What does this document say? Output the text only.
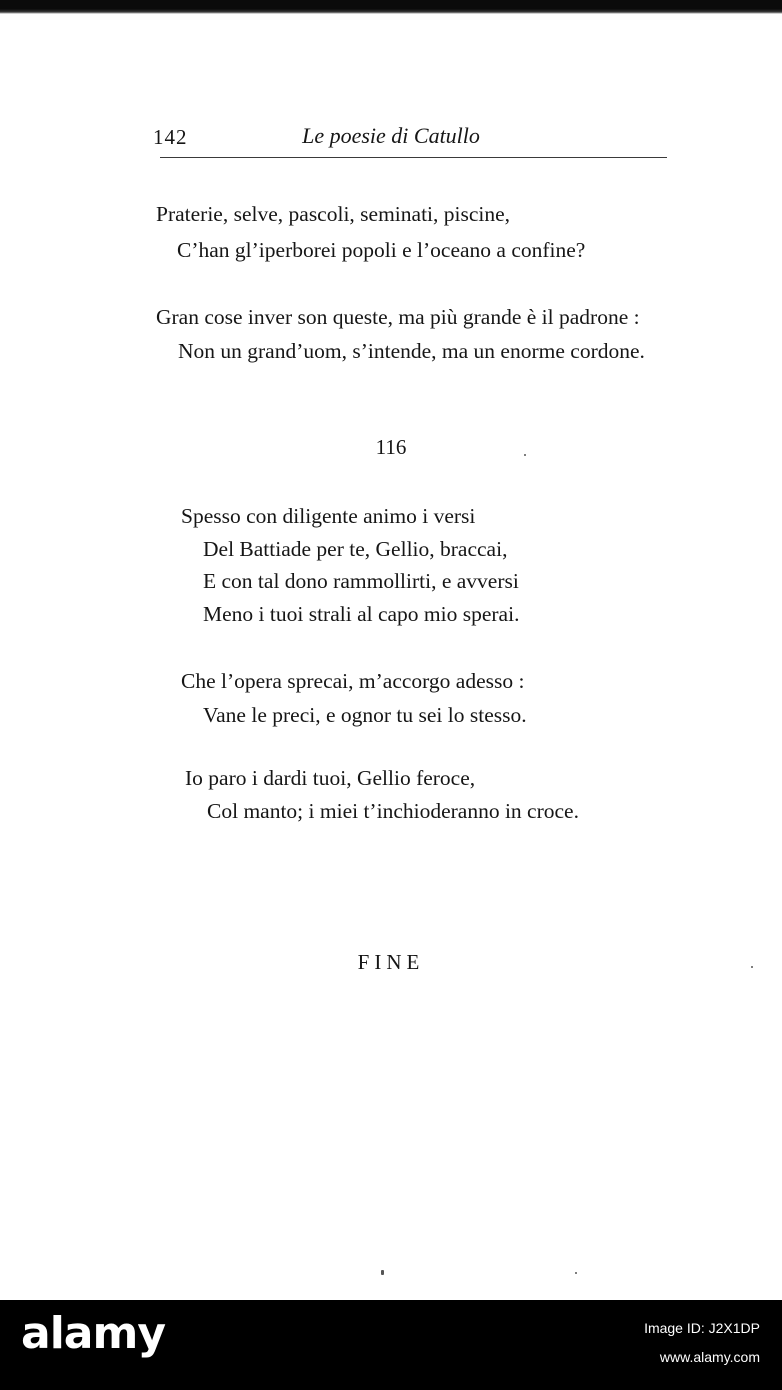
142	Le poesie di Catullo
Praterie, selve, pascoli, seminati, piscine,
C’han gl’iperborei popoli e l’oceano a confine?
Gran cose inver son queste, ma più grande è il padrone :
Non un grand’uom, s’intende, ma un enorme cordone.
116
Spesso con diligente animo i versi
Del Battiade per te, Gellio, braccai,
E con tal dono rammollirti, e avversi
Meno i tuoi strali al capo mio sperai.
Che l’opera sprecai, m’accorgo adesso :
Vane le preci, e ognor tu sei lo stesso.
Io paro i dardi tuoi, Gellio feroce,
Col manto; i miei t’inchioderanno in croce.
FINE
alamy	Image ID: J2X1DP
www.alamy.com
